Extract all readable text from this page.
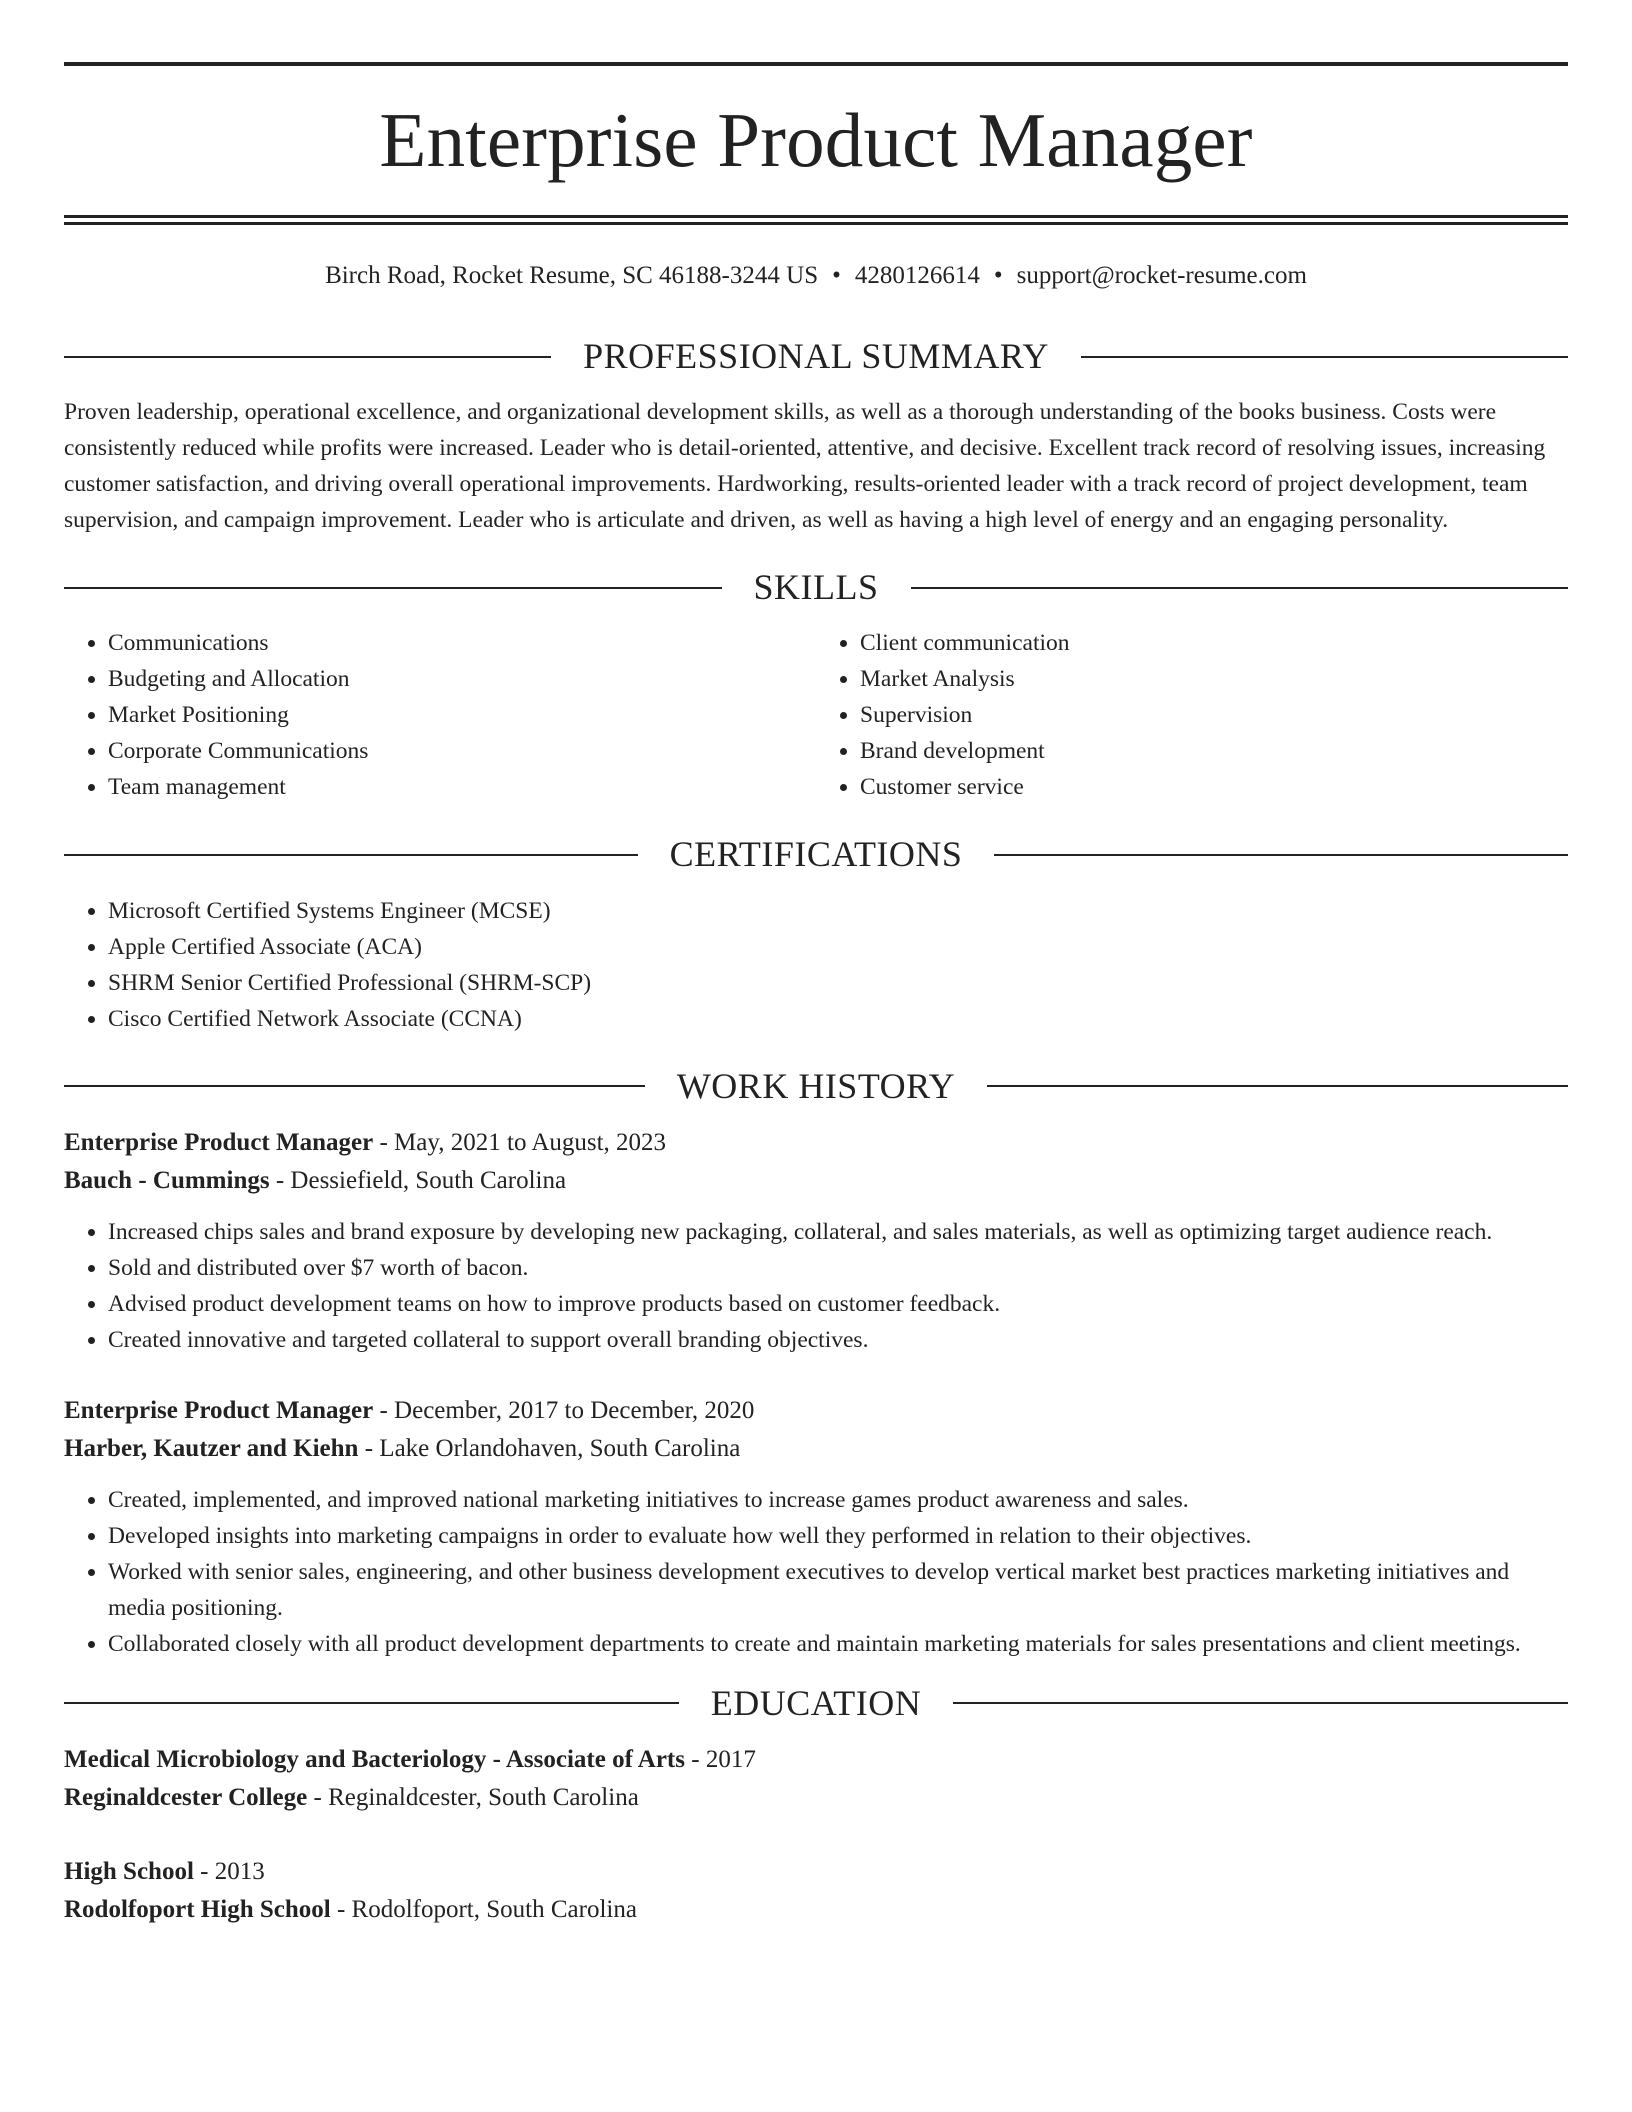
Enterprise Product Manager
Birch Road, Rocket Resume, SC 46188-3244 US • 4280126614 • support@rocket-resume.com
PROFESSIONAL SUMMARY

Proven leadership, operational excellence, and organizational development skills, as well as a thorough understanding of the books business. Costs were consistently reduced while profits were increased. Leader who is detail-oriented, attentive, and decisive. Excellent track record of resolving issues, increasing customer satisfaction, and driving overall operational improvements. Hardworking, results-oriented leader with a track record of project development, team supervision, and campaign improvement. Leader who is articulate and driven, as well as having a high level of energy and an engaging personality.

SKILLS
• Communications
• Budgeting and Allocation
• Market Positioning
• Corporate Communications
• Team management
• Client communication
• Market Analysis
• Supervision
• Brand development
• Customer service
CERTIFICATIONS
• Microsoft Certified Systems Engineer (MCSE)
• Apple Certified Associate (ACA)
• SHRM Senior Certified Professional (SHRM-SCP)
• Cisco Certified Network Associate (CCNA)
WORK HISTORY
Enterprise Product Manager - May, 2021 to August, 2023
Bauch - Cummings - Dessiefield, South Carolina
• Increased chips sales and brand exposure by developing new packaging, collateral, and sales materials, as well as optimizing target audience reach.
• Sold and distributed over $7 worth of bacon.
• Advised product development teams on how to improve products based on customer feedback.
• Created innovative and targeted collateral to support overall branding objectives.
Enterprise Product Manager - December, 2017 to December, 2020
Harber, Kautzer and Kiehn - Lake Orlandohaven, South Carolina
• Created, implemented, and improved national marketing initiatives to increase games product awareness and sales.
• Developed insights into marketing campaigns in order to evaluate how well they performed in relation to their objectives.
• Worked with senior sales, engineering, and other business development executives to develop vertical market best practices marketing initiatives and media positioning.
• Collaborated closely with all product development departments to create and maintain marketing materials for sales presentations and client meetings.
EDUCATION
Medical Microbiology and Bacteriology - Associate of Arts - 2017
Reginaldcester College - Reginaldcester, South Carolina
High School - 2013
Rodolfoport High School - Rodolfoport, South Carolina
